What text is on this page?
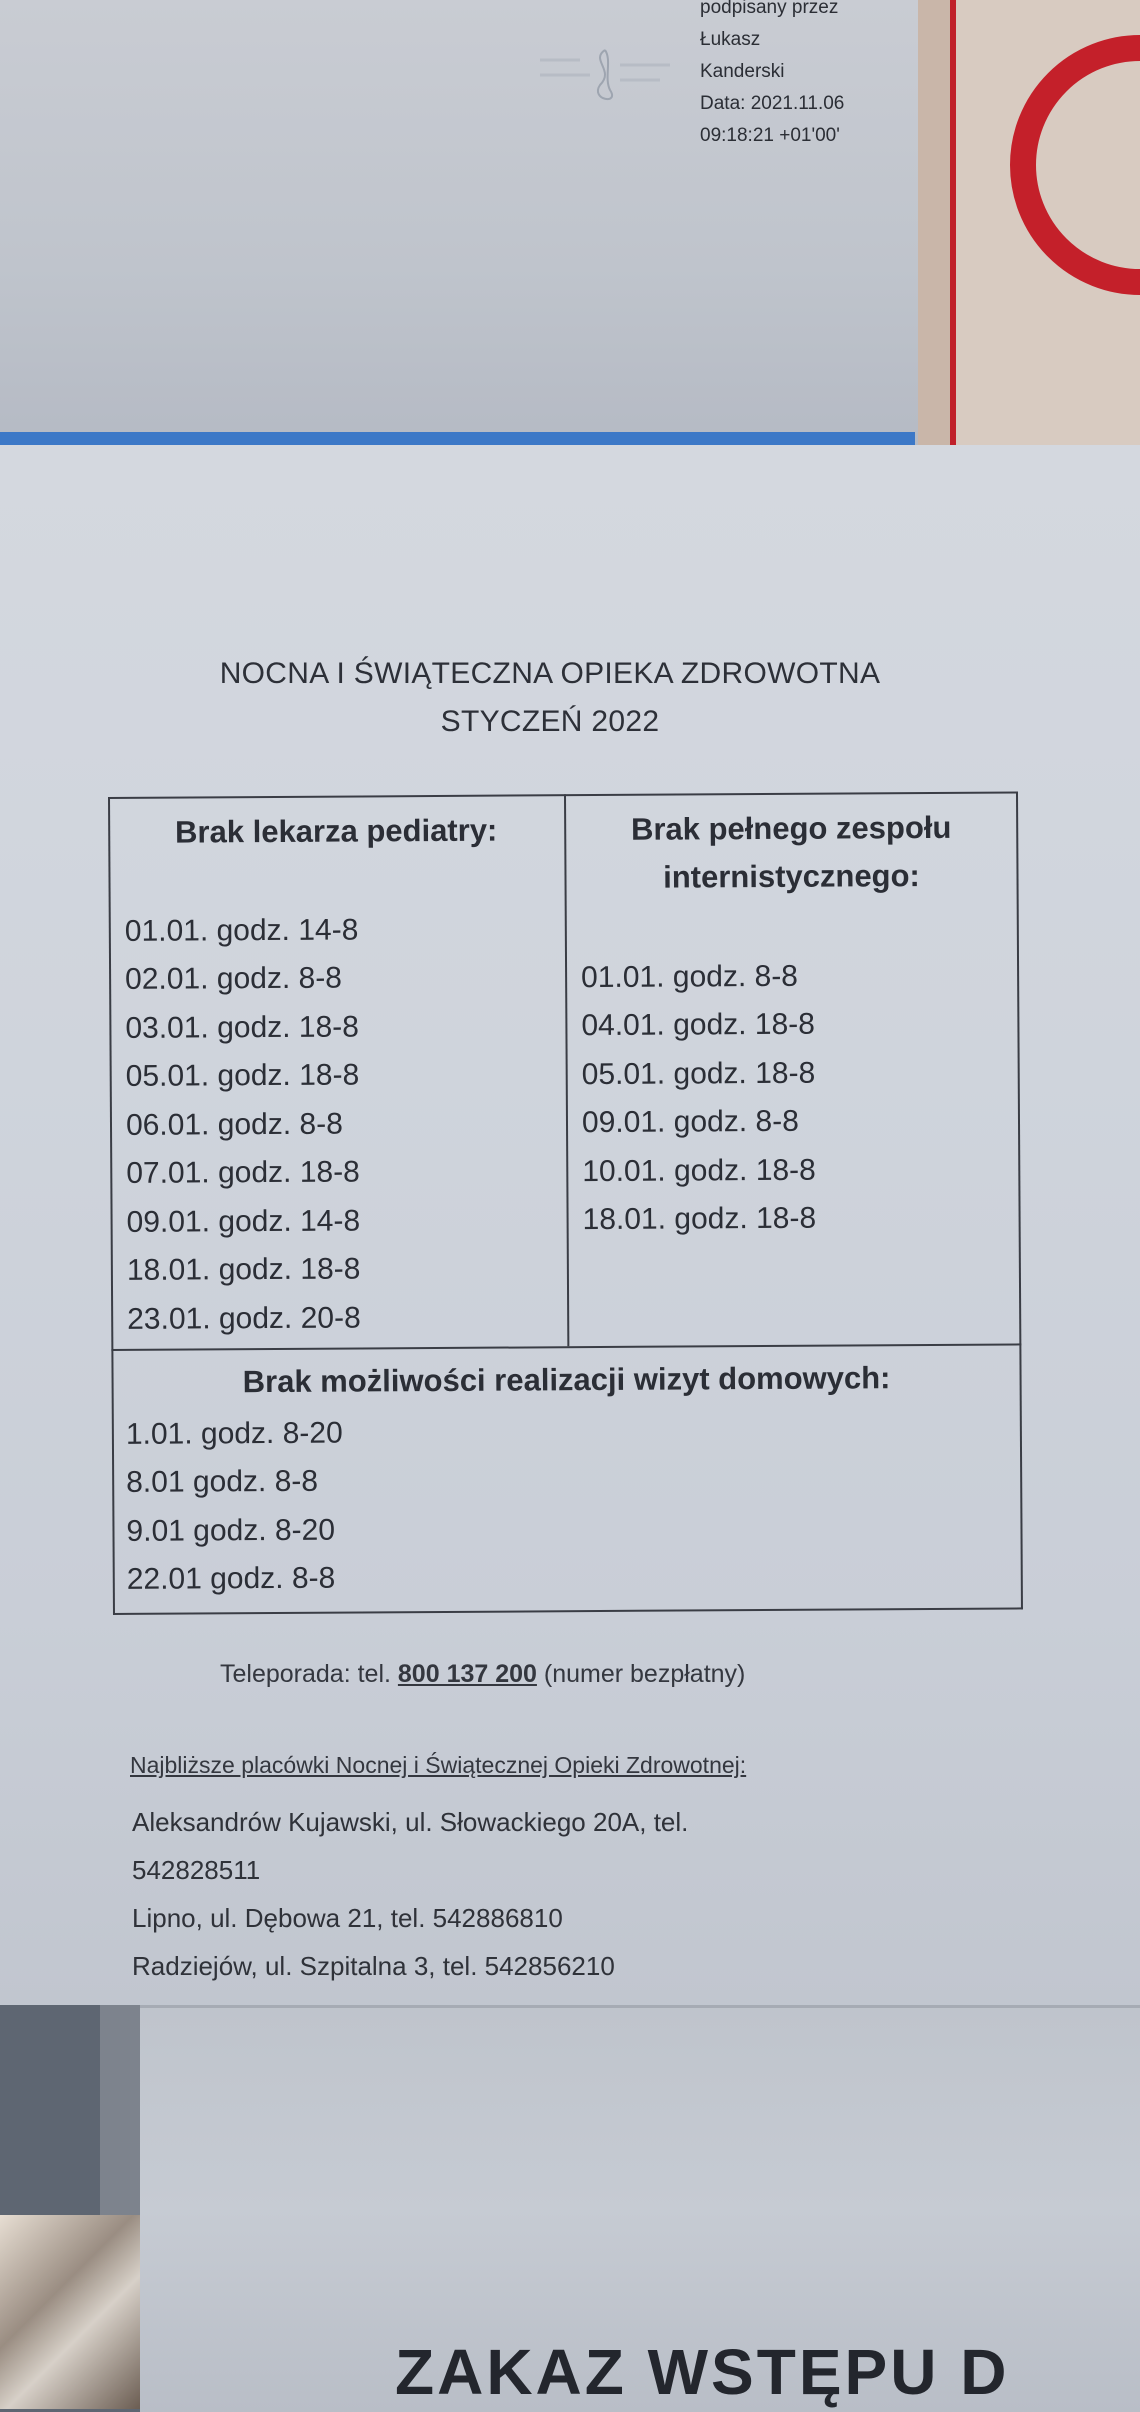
podpisany przez
Łukasz
Kanderski
Data: 2021.11.06
09:18:21 +01'00'
NOCNA I ŚWIĄTECZNA OPIEKA ZDROWOTNA
STYCZEŃ 2022
Brak lekarza pediatry:
01.01. godz. 14-8
02.01. godz. 8-8
03.01. godz. 18-8
05.01. godz. 18-8
06.01. godz. 8-8
07.01. godz. 18-8
09.01. godz. 14-8
18.01. godz. 18-8
23.01. godz. 20-8
Brak pełnego zespołu
internistycznego:
01.01. godz. 8-8
04.01. godz. 18-8
05.01. godz. 18-8
09.01. godz. 8-8
10.01. godz. 18-8
18.01. godz. 18-8
Brak możliwości realizacji wizyt domowych:
1.01. godz. 8-20
8.01 godz. 8-8
9.01 godz. 8-20
22.01 godz. 8-8
Teleporada: tel. 800 137 200 (numer bezpłatny)
Najbliższe placówki Nocnej i Świątecznej Opieki Zdrowotnej:
Aleksandrów Kujawski, ul. Słowackiego 20A, tel.
542828511
Lipno, ul. Dębowa 21, tel. 542886810
Radziejów, ul. Szpitalna 3, tel. 542856210
ZAKAZ WSTĘPU D
